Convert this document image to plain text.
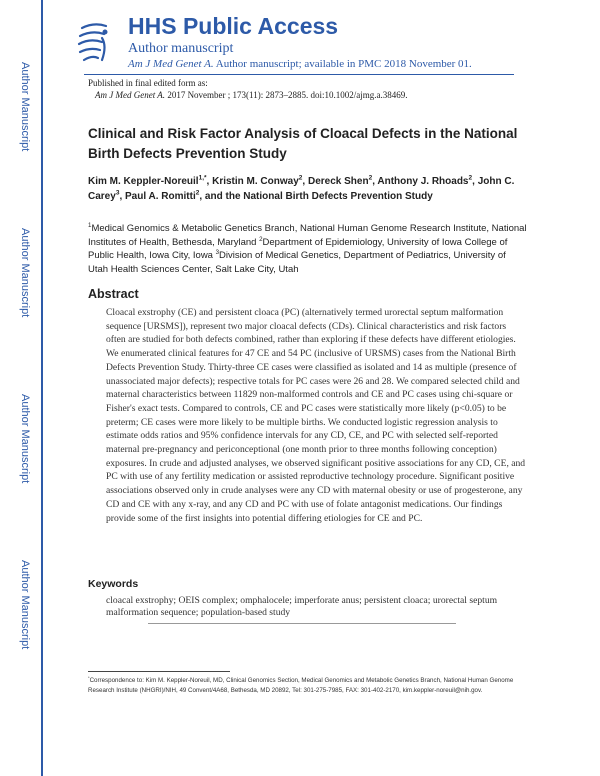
Author Manuscript
Author Manuscript
Author Manuscript
Author Manuscript
HHS Public Access
Author manuscript
Am J Med Genet A. Author manuscript; available in PMC 2018 November 01.
Published in final edited form as:
Am J Med Genet A. 2017 November ; 173(11): 2873–2885. doi:10.1002/ajmg.a.38469.
Clinical and Risk Factor Analysis of Cloacal Defects in the National Birth Defects Prevention Study
Kim M. Keppler-Noreuil$^{1,*}$, Kristin M. Conway$^2$, Dereck Shen$^2$, Anthony J. Rhoads$^2$, John C. Carey$^3$, Paul A. Romitti$^2$, and the National Birth Defects Prevention Study
$^1$Medical Genomics & Metabolic Genetics Branch, National Human Genome Research Institute, National Institutes of Health, Bethesda, Maryland $^2$Department of Epidemiology, University of Iowa College of Public Health, Iowa City, Iowa $^3$Division of Medical Genetics, Department of Pediatrics, University of Utah Health Sciences Center, Salt Lake City, Utah
Abstract
Cloacal exstrophy (CE) and persistent cloaca (PC) (alternatively termed urorectal septum malformation sequence [URSMS]), represent two major cloacal defects (CDs). Clinical characteristics and risk factors often are studied for both defects combined, rather than exploring if these defects have different etiologies. We enumerated clinical features for 47 CE and 54 PC (inclusive of URSMS) cases from the National Birth Defects Prevention Study. Thirty-three CE cases were classified as isolated and 14 as multiple (presence of unassociated major defects); respective totals for PC cases were 26 and 28. We compared selected child and maternal characteristics between 11829 non-malformed controls and CE and PC cases using chi-square or Fisher's exact tests. Compared to controls, CE and PC cases were statistically more likely (p<0.05) to be preterm; CE cases were more likely to be multiple births. We conducted logistic regression analysis to estimate odds ratios and 95% confidence intervals for any CD, CE, and PC with selected self-reported maternal pre-pregnancy and periconceptional (one month prior to three months following conception) exposures. In crude and adjusted analyses, we observed significant positive associations for any CD, CE, and PC with use of any fertility medication or assisted reproductive technology procedure. Significant positive associations observed only in crude analyses were any CD with maternal obesity or use of progesterone, any CD and CE with any x-ray, and any CD and PC with use of folate antagonist medications. Our findings provide some of the first insights into potential differing etiologies for CE and PC.
Keywords
cloacal exstrophy; OEIS complex; omphalocele; imperforate anus; persistent cloaca; urorectal septum malformation sequence; population-based study
*Correspondence to: Kim M. Keppler-Noreuil, MD, Clinical Genomics Section, Medical Genomics and Metabolic Genetics Branch, National Human Genome Research Institute (NHGRI)/NIH, 49 Convent/4A68, Bethesda, MD 20892, Tel: 301-275-7985, FAX: 301-402-2170, kim.keppler-noreuil@nih.gov.
